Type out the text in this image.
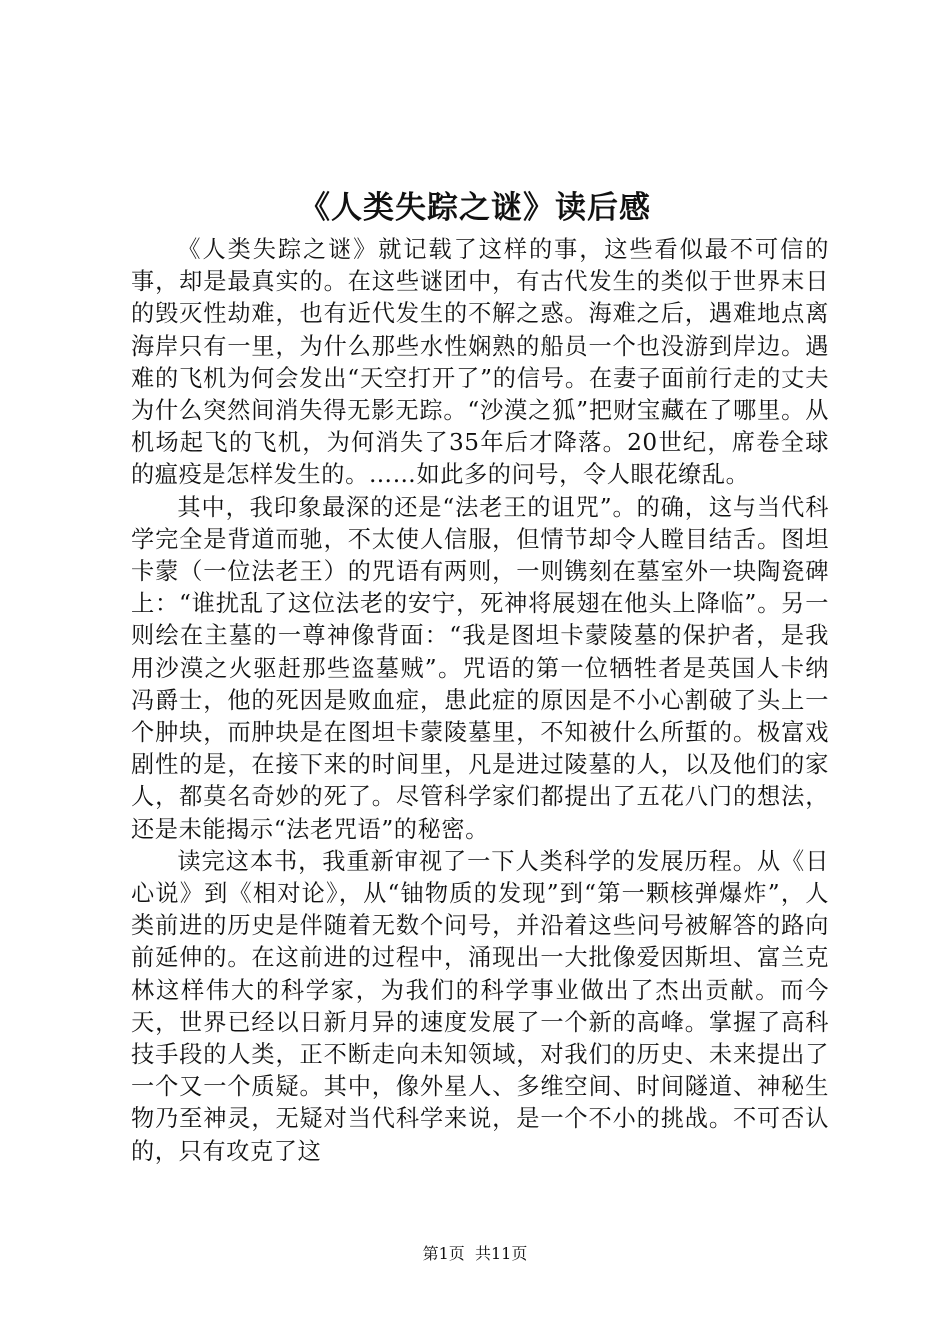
《人类失踪之谜》读后感

《人类失踪之谜》就记载了这样的事，这些看似最不可信的事，却是最真实的。在这些谜团中，有古代发生的类似于世界末日的毁灭性劫难，也有近代发生的不解之惑。海难之后，遇难地点离海岸只有一里，为什么那些水性娴熟的船员一个也没游到岸边。遇难的飞机为何会发出“天空打开了”的信号。在妻子面前行走的丈夫为什么突然间消失得无影无踪。“沙漠之狐”把财宝藏在了哪里。从机场起飞的飞机，为何消失了35年后才降落。20世纪，席卷全球的瘟疫是怎样发生的。……如此多的问号，令人眼花缭乱。

其中，我印象最深的还是“法老王的诅咒”。的确，这与当代科学完全是背道而驰，不太使人信服，但情节却令人瞠目结舌。图坦卡蒙（一位法老王）的咒语有两则，一则镌刻在墓室外一块陶瓷碑上：“谁扰乱了这位法老的安宁，死神将展翅在他头上降临”。另一则绘在主墓的一尊神像背面：“我是图坦卡蒙陵墓的保护者，是我用沙漠之火驱赶那些盗墓贼”。咒语的第一位牺牲者是英国人卡纳冯爵士，他的死因是败血症，患此症的原因是不小心割破了头上一个肿块，而肿块是在图坦卡蒙陵墓里，不知被什么所蜇的。极富戏剧性的是，在接下来的时间里，凡是进过陵墓的人，以及他们的家人，都莫名奇妙的死了。尽管科学家们都提出了五花八门的想法，还是未能揭示“法老咒语”的秘密。

读完这本书，我重新审视了一下人类科学的发展历程。从《日心说》到《相对论》，从“铀物质的发现”到“第一颗核弹爆炸”，人类前进的历史是伴随着无数个问号，并沿着这些问号被解答的路向前延伸的。在这前进的过程中，涌现出一大批像爱因斯坦、富兰克林这样伟大的科学家，为我们的科学事业做出了杰出贡献。而今天，世界已经以日新月异的速度发展了一个新的高峰。掌握了高科技手段的人类，正不断走向未知领域，对我们的历史、未来提出了一个又一个质疑。其中，像外星人、多维空间、时间隧道、神秘生物乃至神灵，无疑对当代科学来说，是一个不小的挑战。不可否认的，只有攻克了这

第1页 共11页
